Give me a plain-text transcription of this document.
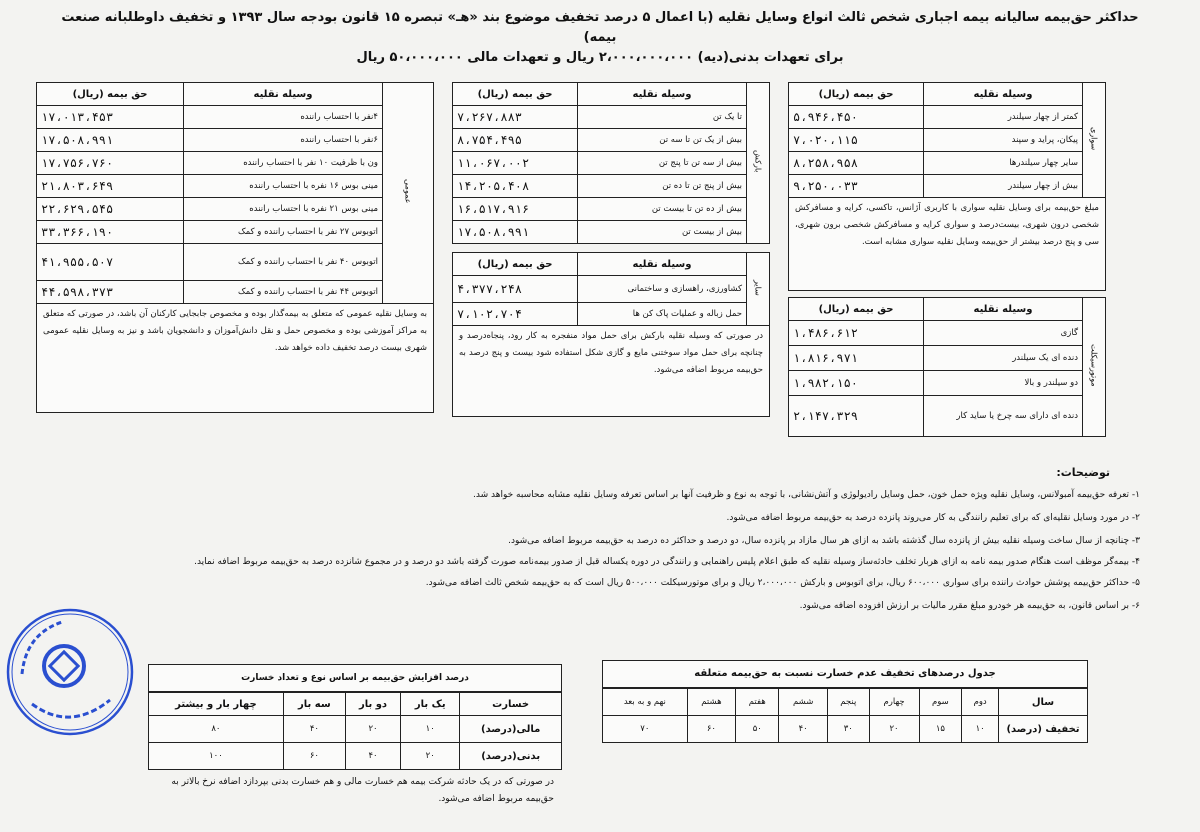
حداکثر حق‌بیمه سالیانه بیمه اجباری شخص ثالث انواع وسایل نقلیه (با اعمال ۵ درصد تخفیف موضوع بند «هـ» تبصره ۱۵ قانون بودجه سال ۱۳۹۳ و تخفیف داوطلبانه صنعت بیمه)
برای تعهدات بدنی(دیه) ۲،۰۰۰،۰۰۰،۰۰۰ ریال و تعهدات مالی ۵۰،۰۰۰،۰۰۰ ریال
سواری	وسیله نقلیه	حق بیمه (ریال)
	کمتر از چهار سیلندر	۵،۹۴۶،۴۵۰
	پیکان، پراید و سپند	۷،۰۲۰،۱۱۵
	سایر چهار سیلندرها	۸،۲۵۸،۹۵۸
	بیش از چهار سیلندر	۹،۲۵۰،۰۳۳
مبلغ حق‌بیمه برای وسایل نقلیه سواری با کاربری آژانس، تاکسی، کرایه و مسافرکش شخصی درون شهری، بیست‌درصد و سواری کرایه و مسافرکش شخصی برون شهری، سی و پنج درصد بیشتر از حق‌بیمه وسایل نقلیه سواری مشابه است.
موتورسیکلت	وسیله نقلیه	حق بیمه (ریال)
	گازی	۱،۴۸۶،۶۱۲
	دنده ای یک سیلندر	۱،۸۱۶،۹۷۱
	دو سیلندر و بالا	۱،۹۸۲،۱۵۰
	دنده ای دارای سه چرخ یا ساید کار	۲،۱۴۷،۳۲۹
بارکش	وسیله نقلیه	حق بیمه (ریال)
	تا یک تن	۷،۲۶۷،۸۸۳
	بیش از یک تن تا سه تن	۸،۷۵۴،۴۹۵
	بیش از سه تن تا پنج تن	۱۱،۰۶۷،۰۰۲
	بیش از پنج تن تا ده تن	۱۴،۲۰۵،۴۰۸
	بیش از ده تن تا بیست تن	۱۶،۵۱۷،۹۱۶
	بیش از بیست تن	۱۷،۵۰۸،۹۹۱
سایر	وسیله نقلیه	حق بیمه (ریال)
	کشاورزی، راهسازی و ساختمانی	۴،۳۷۷،۲۴۸
	حمل زباله و عملیات پاک کن ها	۷،۱۰۲،۷۰۴
در صورتی که وسیله نقلیه بارکش برای حمل مواد منفجره به کار رود، پنجاه‌درصد و چنانچه برای حمل مواد سوختنی مایع و گازی شکل استفاده شود بیست و پنج درصد به حق‌بیمه مربوط اضافه می‌شود.
عمومی	وسیله نقلیه	حق بیمه (ریال)
	۴نفر با احتساب راننده	۱۷،۰۱۳،۴۵۳
	۶نفر با احتساب راننده	۱۷،۵۰۸،۹۹۱
	ون با ظرفیت ۱۰ نفر با احتساب راننده	۱۷،۷۵۶،۷۶۰
	مینی بوس ۱۶ نفره با احتساب راننده	۲۱،۸۰۳،۶۴۹
	مینی بوس ۲۱ نفره با احتساب راننده	۲۲،۶۲۹،۵۴۵
	اتوبوس ۲۷ نفر با احتساب راننده و کمک	۳۳،۳۶۶،۱۹۰
	اتوبوس ۴۰ نفر با احتساب راننده و کمک	۴۱،۹۵۵،۵۰۷
	اتوبوس ۴۴ نفر با احتساب راننده و کمک	۴۴،۵۹۸،۳۷۳
به وسایل نقلیه عمومی که متعلق به بیمه‌گذار بوده و مخصوص جابجایی کارکنان آن باشد، در صورتی که متعلق به مراکز آموزشی بوده و مخصوص حمل و نقل دانش‌آموزان و دانشجویان باشد و نیز به وسایل نقلیه عمومی شهری بیست درصد تخفیف داده خواهد شد.
توضیحات:
۱- تعرفه حق‌بیمه آمبولانس، وسایل نقلیه ویژه حمل خون، حمل وسایل رادیولوژی و آتش‌نشانی، با توجه به نوع و ظرفیت آنها بر اساس تعرفه وسایل نقلیه مشابه محاسبه خواهد شد.
۲- در مورد وسایل نقلیه‌ای که برای تعلیم رانندگی به کار می‌روند پانزده درصد به حق‌بیمه مربوط اضافه می‌شود.
۳- چنانچه از سال ساخت وسیله نقلیه بیش از پانزده سال گذشته باشد به ازای هر سال مازاد بر پانزده سال، دو درصد و حداکثر ده درصد به حق‌بیمه مربوط اضافه می‌شود.
۴- بیمه‌گر موظف است هنگام صدور بیمه نامه به ازای هربار تخلف حادثه‌ساز وسیله نقلیه که طبق اعلام پلیس راهنمایی و رانندگی در دوره یکساله قبل از صدور بیمه‌نامه صورت گرفته باشد دو درصد و در مجموع شانزده درصد به حق‌بیمه مربوط اضافه نماید.
۵- حداکثر حق‌بیمه پوشش حوادث راننده برای سواری ۶۰۰،۰۰۰ ریال، برای اتوبوس و بارکش ۲،۰۰۰،۰۰۰ ریال و برای موتورسیکلت ۵۰۰،۰۰۰ ریال است که به حق‌بیمه شخص ثالث اضافه می‌شود.
۶- بر اساس قانون، به حق‌بیمه هر خودرو مبلغ مقرر مالیات بر ارزش افزوده اضافه می‌شود.
جدول درصدهای تخفیف عدم خسارت نسبت به حق‌بیمه متعلقه
سال	دوم	سوم	چهارم	پنجم	ششم	هفتم	هشتم	نهم و به بعد
تخفیف (درصد)	۱۰	۱۵	۲۰	۳۰	۴۰	۵۰	۶۰	۷۰
درصد افزایش حق‌بیمه بر اساس نوع و تعداد خسارت
خسارت	یک بار	دو بار	سه بار	چهار بار و بیشتر
مالی(درصد)	۱۰	۲۰	۴۰	۸۰
بدنی(درصد)	۲۰	۴۰	۶۰	۱۰۰
در صورتی که در یک حادثه شرکت بیمه هم خسارت مالی و هم خسارت بدنی بپردازد اضافه نرخ بالاتر به حق‌بیمه مربوط اضافه می‌شود.
